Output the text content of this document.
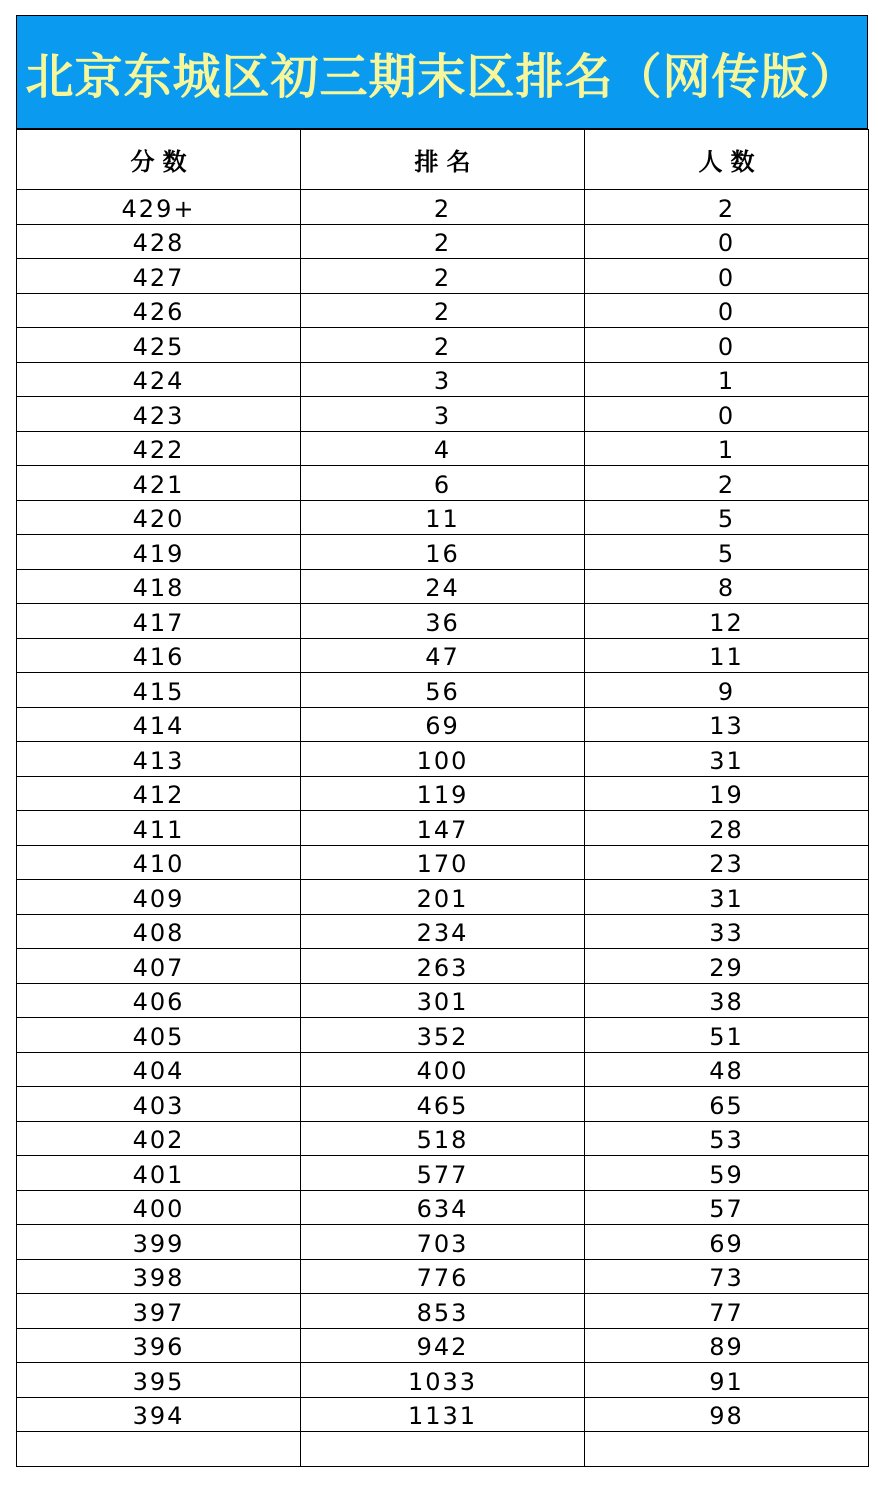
北京东城区初三期末区排名（网传版）
分数	排名	人数
429+	2	2
428	2	0
427	2	0
426	2	0
425	2	0
424	3	1
423	3	0
422	4	1
421	6	2
420	11	5
419	16	5
418	24	8
417	36	12
416	47	11
415	56	9
414	69	13
413	100	31
412	119	19
411	147	28
410	170	23
409	201	31
408	234	33
407	263	29
406	301	38
405	352	51
404	400	48
403	465	65
402	518	53
401	577	59
400	634	57
399	703	69
398	776	73
397	853	77
396	942	89
395	1033	91
394	1131	98
